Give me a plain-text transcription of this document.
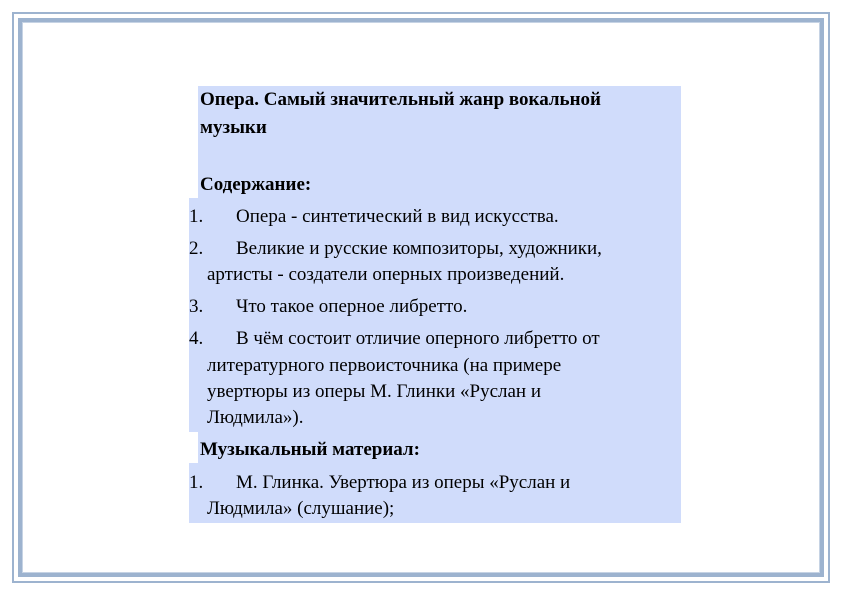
Опера. Самый значительный жанр вокальной
музыки
Содержание:
1. Опера - синтетический в вид искусства.
2. Великие и русские композиторы, художники,
артисты - создатели оперных произведений.
3. Что такое оперное либретто.
4. В чём состоит отличие оперного либретто от
литературного первоисточника (на примере
увертюры из оперы М. Глинки «Руслан и
Людмила»).
Музыкальный материал:
1. М. Глинка. Увертюра из оперы «Руслан и
Людмила» (слушание);
